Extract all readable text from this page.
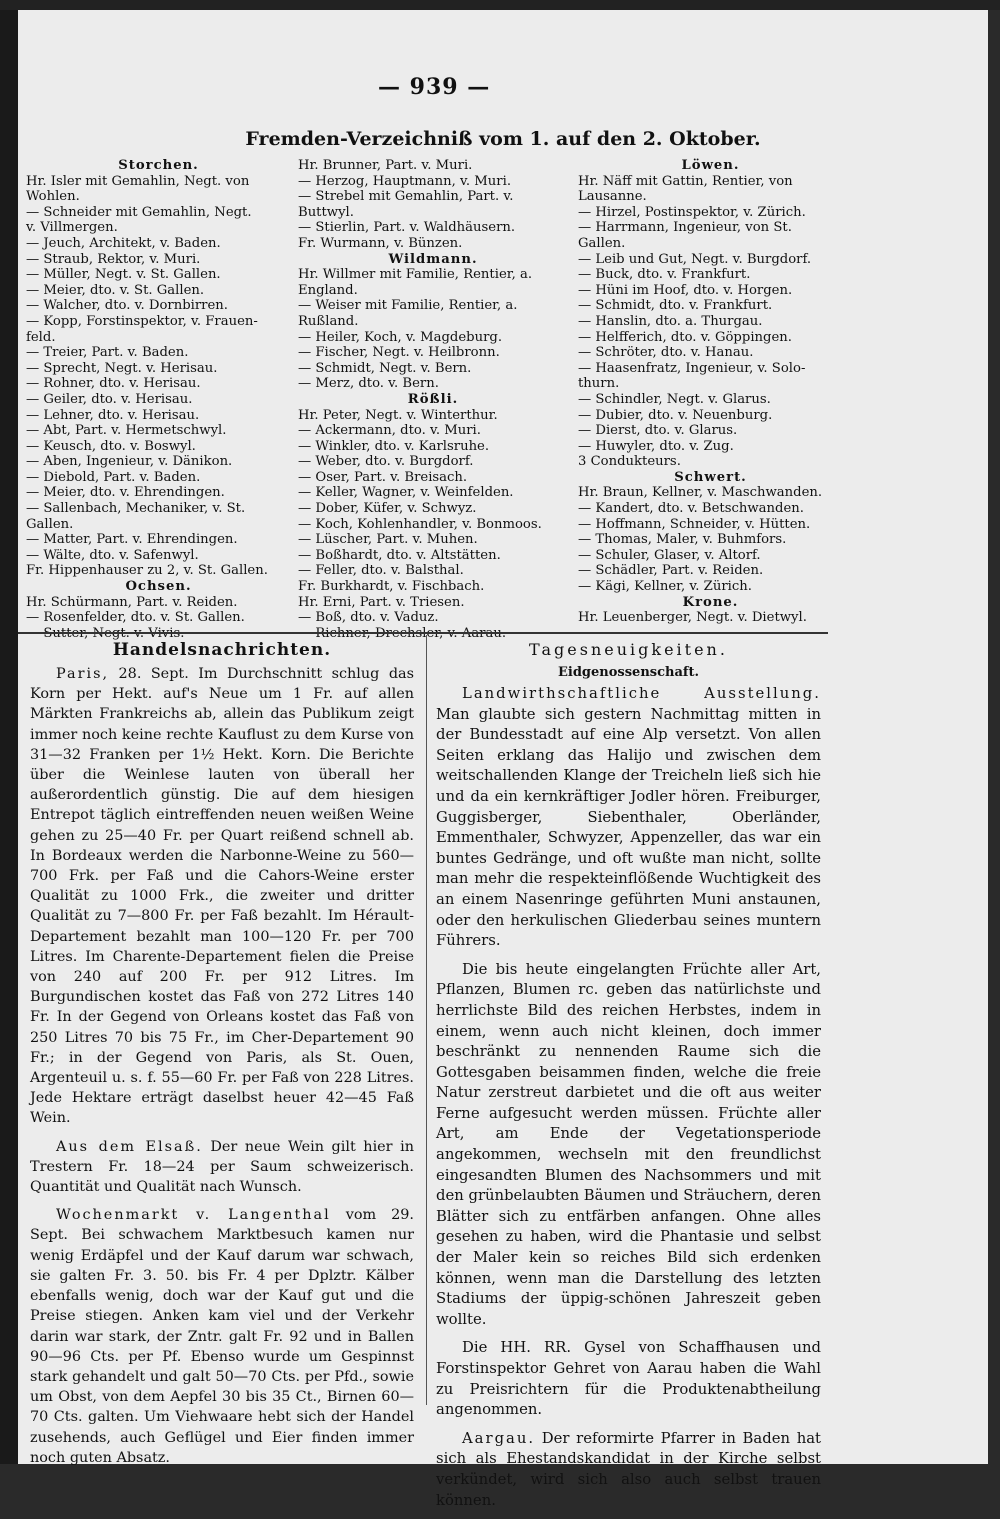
— 939 —
Fremden-Verzeichniß vom 1. auf den 2. Oktober.
Storchen.
Hr. Isler mit Gemahlin, Negt. von
Wohlen.
— Schneider mit Gemahlin, Negt.
v. Villmergen.
— Jeuch, Architekt, v. Baden.
— Straub, Rektor, v. Muri.
— Müller, Negt. v. St. Gallen.
— Meier, dto. v. St. Gallen.
— Walcher, dto. v. Dornbirren.
— Kopp, Forstinspektor, v. Frauen-
feld.
— Treier, Part. v. Baden.
— Sprecht, Negt. v. Herisau.
— Rohner, dto. v. Herisau.
— Geiler, dto. v. Herisau.
— Lehner, dto. v. Herisau.
— Abt, Part. v. Hermetschwyl.
— Keusch, dto. v. Boswyl.
— Aben, Ingenieur, v. Dänikon.
— Diebold, Part. v. Baden.
— Meier, dto. v. Ehrendingen.
— Sallenbach, Mechaniker, v. St.
Gallen.
— Matter, Part. v. Ehrendingen.
— Wälte, dto. v. Safenwyl.
Fr. Hippenhauser zu 2, v. St. Gallen.
Ochsen.
Hr. Schürmann, Part. v. Reiden.
— Rosenfelder, dto. v. St. Gallen.
Hr. Brunner, Part. v. Muri.
— Herzog, Hauptmann, v. Muri.
— Strebel mit Gemahlin, Part. v.
Buttwyl.
— Stierlin, Part. v. Waldhäusern.
Fr. Wurmann, v. Bünzen.
Wildmann.
Hr. Willmer mit Familie, Rentier, a.
England.
— Weiser mit Familie, Rentier, a.
Rußland.
— Heiler, Koch, v. Magdeburg.
— Fischer, Negt. v. Heilbronn.
— Schmidt, Negt. v. Bern.
— Merz, dto. v. Bern.
Rößli.
Hr. Peter, Negt. v. Winterthur.
— Ackermann, dto. v. Muri.
— Winkler, dto. v. Karlsruhe.
— Weber, dto. v. Burgdorf.
— Oser, Part. v. Breisach.
— Keller, Wagner, v. Weinfelden.
— Dober, Küfer, v. Schwyz.
— Koch, Kohlenhandler, v. Bonmoos.
— Lüscher, Part. v. Muhen.
— Boßhardt, dto. v. Altstätten.
— Feller, dto. v. Balsthal.
Fr. Burkhardt, v. Fischbach.
Hr. Erni, Part. v. Triesen.
— Boß, dto. v. Vaduz.
Löwen.
Hr. Näff mit Gattin, Rentier, von
Lausanne.
— Hirzel, Postinspektor, v. Zürich.
— Harrmann, Ingenieur, von St.
Gallen.
— Leib und Gut, Negt. v. Burgdorf.
— Buck, dto. v. Frankfurt.
— Hüni im Hoof, dto. v. Horgen.
— Schmidt, dto. v. Frankfurt.
— Hanslin, dto. a. Thurgau.
— Helfferich, dto. v. Göppingen.
— Schröter, dto. v. Hanau.
— Haasenfratz, Ingenieur, v. Solo-
thurn.
— Schindler, Negt. v. Glarus.
— Dubier, dto. v. Neuenburg.
— Dierst, dto. v. Glarus.
— Huwyler, dto. v. Zug.
3 Condukteurs.
Schwert.
Hr. Braun, Kellner, v. Maschwanden.
— Kandert, dto. v. Betschwanden.
— Hoffmann, Schneider, v. Hütten.
— Thomas, Maler, v. Buhmfors.
— Schuler, Glaser, v. Altorf.
— Schädler, Part. v. Reiden.
— Kägi, Kellner, v. Zürich.
Krone.
Hr. Leuenberger, Negt. v. Dietwyl.
Handelsnachrichten.

Paris, 28. Sept. Im Durchschnitt schlug das Korn per Hekt. auf's Neue um 1 Fr. auf allen Märkten Frankreichs ab, allein das Publikum zeigt immer noch keine rechte Kauflust zu dem Kurse von 31—32 Franken per 1½ Hekt. Korn. Die Berichte über die Weinlese lauten von überall her außerordentlich günstig. Die auf dem hiesigen Entrepot täglich eintreffenden neuen weißen Weine gehen zu 25—40 Fr. per Quart reißend schnell ab. In Bordeaux werden die Narbonne-Weine zu 560—700 Frk. per Faß und die Cahors-Weine erster Qualität zu 1000 Frk., die zweiter und dritter Qualität zu 7—800 Fr. per Faß bezahlt. Im Hérault-Departement bezahlt man 100—120 Fr. per 700 Litres. Im Charente-Departement fielen die Preise von 240 auf 200 Fr. per 912 Litres. Im Burgundischen kostet das Faß von 272 Litres 140 Fr. In der Gegend von Orleans kostet das Faß von 250 Litres 70 bis 75 Fr., im Cher-Departement 90 Fr.; in der Gegend von Paris, als St. Ouen, Argenteuil u. s. f. 55—60 Fr. per Faß von 228 Litres. Jede Hektare erträgt daselbst heuer 42—45 Faß Wein.

Aus dem Elsaß. Der neue Wein gilt hier in Trestern Fr. 18—24 per Saum schweizerisch. Quantität und Qualität nach Wunsch.

Wochenmarkt v. Langenthal vom 29. Sept. Bei schwachem Marktbesuch kamen nur wenig Erdäpfel und der Kauf darum war schwach, sie galten Fr. 3. 50. bis Fr. 4 per Dplztr. Kälber ebenfalls wenig, doch war der Kauf gut und die Preise stiegen. Anken kam viel und der Verkehr darin war stark, der Zntr. galt Fr. 92 und in Ballen 90—96 Cts. per Pf. Ebenso wurde um Gespinnst stark gehandelt und galt 50—70 Cts. per Pfd., sowie um Obst, von dem Aepfel 30 bis 35 Ct., Birnen 60—70 Cts. galten. Um Viehwaare hebt sich der Handel zusehends, auch Geflügel und Eier finden immer noch guten Absatz.

Tagesneuigkeiten.
Eidgenossenschaft.

Landwirthschaftliche Ausstellung. Man glaubte sich gestern Nachmittag mitten in der Bundesstadt auf eine Alp versetzt. Von allen Seiten erklang das Halijo und zwischen dem weitschallenden Klange der Treicheln ließ sich hie und da ein kernkräftiger Jodler hören. Freiburger, Guggisberger, Siebenthaler, Oberländer, Emmenthaler, Schwyzer, Appenzeller, das war ein buntes Gedränge, und oft wußte man nicht, sollte man mehr die respekteinflößende Wuchtigkeit des an einem Nasenringe geführten Muni anstaunen, oder den herkulischen Gliederbau seines muntern Führers.

Die bis heute eingelangten Früchte aller Art, Pflanzen, Blumen rc. geben das natürlichste und herrlichste Bild des reichen Herbstes, indem in einem, wenn auch nicht kleinen, doch immer beschränkt zu nennenden Raume sich die Gottesgaben beisammen finden, welche die freie Natur zerstreut darbietet und die oft aus weiter Ferne aufgesucht werden müssen. Früchte aller Art, am Ende der Vegetationsperiode angekommen, wechseln mit den freundlichst eingesandten Blumen des Nachsommers und mit den grünbelaubten Bäumen und Sträuchern, deren Blätter sich zu entfärben anfangen. Ohne alles gesehen zu haben, wird die Phantasie und selbst der Maler kein so reiches Bild sich erdenken können, wenn man die Darstellung des letzten Stadiums der üppig-schönen Jahreszeit geben wollte.

Die HH. RR. Gysel von Schaffhausen und Forstinspektor Gehret von Aarau haben die Wahl zu Preisrichtern für die Produktenabtheilung angenommen.

Aargau. Der reformirte Pfarrer in Baden hat sich als Ehestandskandidat in der Kirche selbst verkündet, wird sich also auch selbst trauen können.
